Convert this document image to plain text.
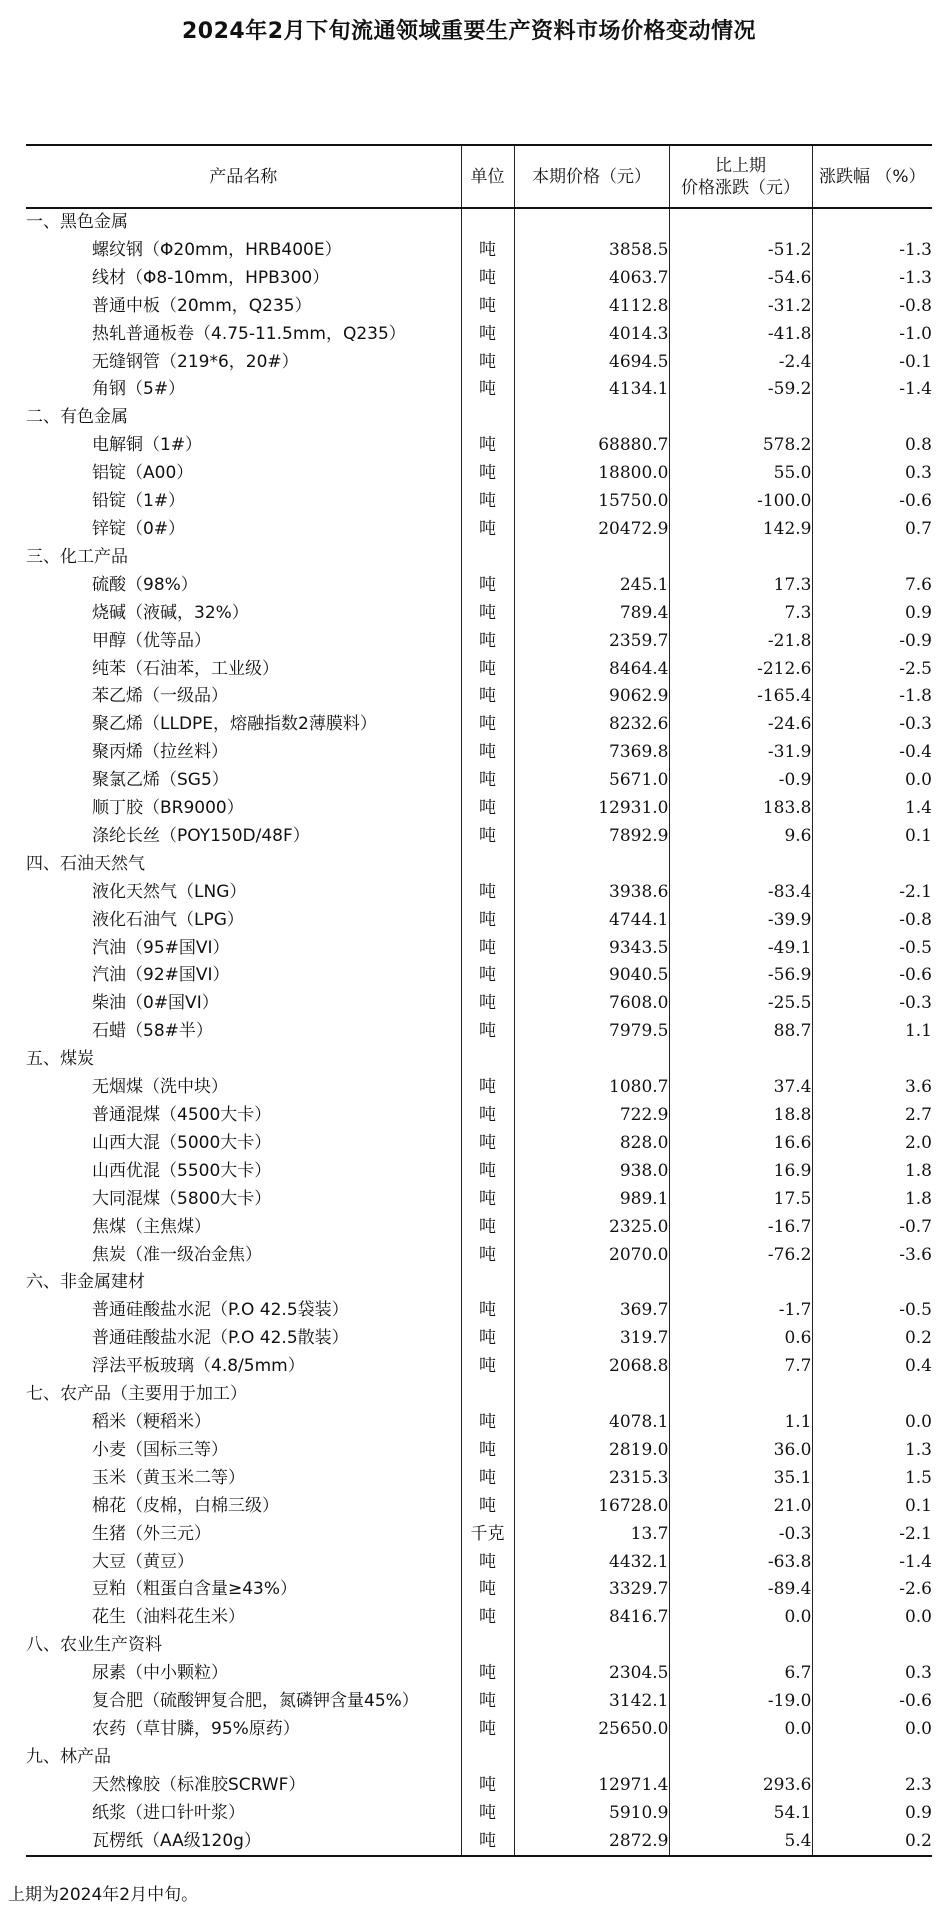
2024年2月下旬流通领域重要生产资料市场价格变动情况
产品名称	单位	本期价格（元）	比上期
价格涨跌（元）	涨跌幅 （%）
一、黑色金属				
螺纹钢（Φ20mm，HRB400E）	吨	3858.5	-51.2	-1.3
线材（Φ8-10mm，HPB300）	吨	4063.7	-54.6	-1.3
普通中板（20mm，Q235）	吨	4112.8	-31.2	-0.8
热轧普通板卷（4.75-11.5mm，Q235）	吨	4014.3	-41.8	-1.0
无缝钢管（219*6，20#）	吨	4694.5	-2.4	-0.1
角钢（5#）	吨	4134.1	-59.2	-1.4
二、有色金属				
电解铜（1#）	吨	68880.7	578.2	0.8
铝锭（A00）	吨	18800.0	55.0	0.3
铅锭（1#）	吨	15750.0	-100.0	-0.6
锌锭（0#）	吨	20472.9	142.9	0.7
三、化工产品				
硫酸（98%）	吨	245.1	17.3	7.6
烧碱（液碱，32%）	吨	789.4	7.3	0.9
甲醇（优等品）	吨	2359.7	-21.8	-0.9
纯苯（石油苯，工业级）	吨	8464.4	-212.6	-2.5
苯乙烯（一级品）	吨	9062.9	-165.4	-1.8
聚乙烯（LLDPE，熔融指数2薄膜料）	吨	8232.6	-24.6	-0.3
聚丙烯（拉丝料）	吨	7369.8	-31.9	-0.4
聚氯乙烯（SG5）	吨	5671.0	-0.9	0.0
顺丁胶（BR9000）	吨	12931.0	183.8	1.4
涤纶长丝（POY150D/48F）	吨	7892.9	9.6	0.1
四、石油天然气				
液化天然气（LNG）	吨	3938.6	-83.4	-2.1
液化石油气（LPG）	吨	4744.1	-39.9	-0.8
汽油（95#国VI）	吨	9343.5	-49.1	-0.5
汽油（92#国VI）	吨	9040.5	-56.9	-0.6
柴油（0#国VI）	吨	7608.0	-25.5	-0.3
石蜡（58#半）	吨	7979.5	88.7	1.1
五、煤炭				
无烟煤（洗中块）	吨	1080.7	37.4	3.6
普通混煤（4500大卡）	吨	722.9	18.8	2.7
山西大混（5000大卡）	吨	828.0	16.6	2.0
山西优混（5500大卡）	吨	938.0	16.9	1.8
大同混煤（5800大卡）	吨	989.1	17.5	1.8
焦煤（主焦煤）	吨	2325.0	-16.7	-0.7
焦炭（准一级冶金焦）	吨	2070.0	-76.2	-3.6
六、非金属建材				
普通硅酸盐水泥（P.O 42.5袋装）	吨	369.7	-1.7	-0.5
普通硅酸盐水泥（P.O 42.5散装）	吨	319.7	0.6	0.2
浮法平板玻璃（4.8/5mm）	吨	2068.8	7.7	0.4
七、农产品（主要用于加工）				
稻米（粳稻米）	吨	4078.1	1.1	0.0
小麦（国标三等）	吨	2819.0	36.0	1.3
玉米（黄玉米二等）	吨	2315.3	35.1	1.5
棉花（皮棉，白棉三级）	吨	16728.0	21.0	0.1
生猪（外三元）	千克	13.7	-0.3	-2.1
大豆（黄豆）	吨	4432.1	-63.8	-1.4
豆粕（粗蛋白含量≥43%）	吨	3329.7	-89.4	-2.6
花生（油料花生米）	吨	8416.7	0.0	0.0
八、农业生产资料				
尿素（中小颗粒）	吨	2304.5	6.7	0.3
复合肥（硫酸钾复合肥，氮磷钾含量45%）	吨	3142.1	-19.0	-0.6
农药（草甘膦，95%原药）	吨	25650.0	0.0	0.0
九、林产品				
天然橡胶（标准胶SCRWF）	吨	12971.4	293.6	2.3
纸浆（进口针叶浆）	吨	5910.9	54.1	0.9
瓦楞纸（AA级120g）	吨	2872.9	5.4	0.2
上期为2024年2月中旬。
